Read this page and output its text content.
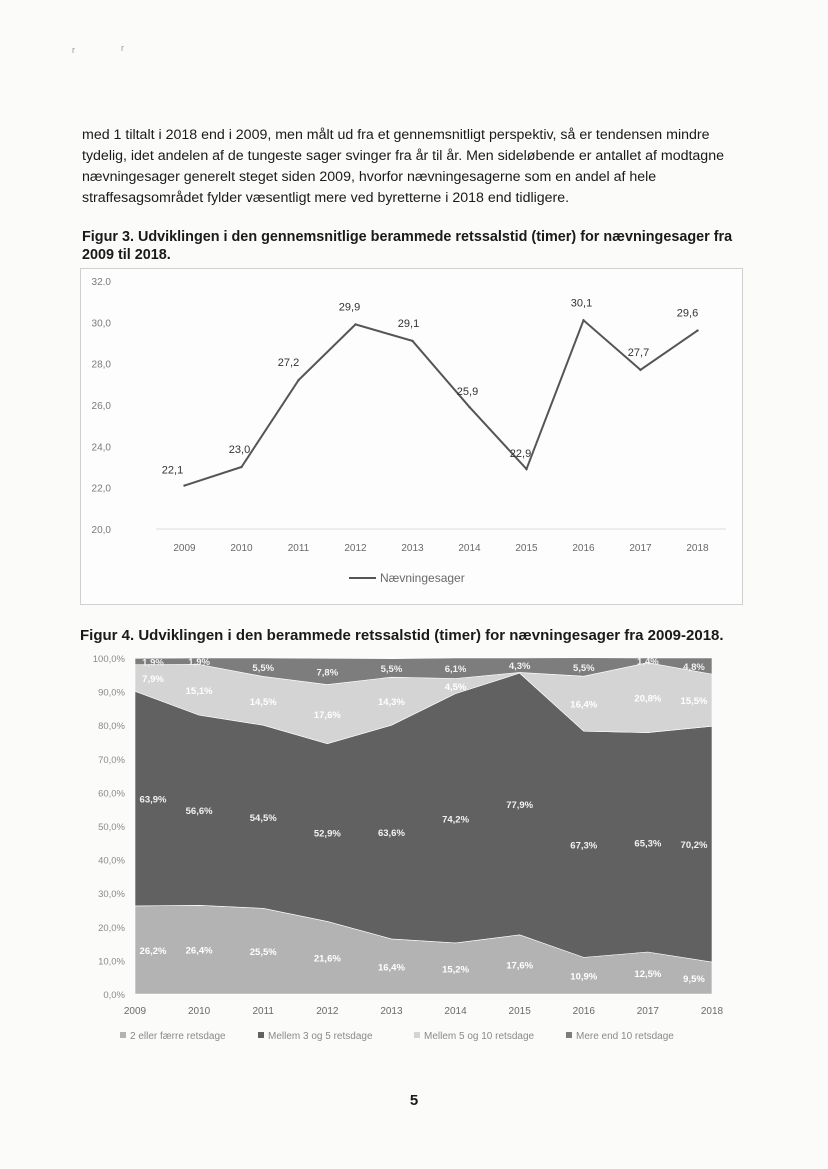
med 1 tiltalt i 2018 end i 2009, men målt ud fra et gennemsnitligt perspektiv, så er tendensen mindre tydelig, idet andelen af de tungeste sager svinger fra år til år. Men sideløbende er antallet af modtagne nævningesager generelt steget siden 2009, hvorfor nævningesagerne som en andel af hele straffesagsområdet fylder væsentligt mere ved byretterne i 2018 end tidligere.

Figur 3. Udviklingen i den gennemsnitlige berammede retssalstid (timer) for nævningesager fra 2009 til 2018.

20,0
22,0
24,0
26,0
28,0
30,0
32.0
2009	2010	2011	2012	2013	2014	2015	2016	2017	2018
22,1
23,0
27,2
29,9
29,1
25,9
22,9
30,1
27,7
29,6
Nævningesager

Figur 4. Udviklingen i den berammede retssalstid (timer) for nævningesager fra 2009-2018.

0,0%
10,0%
20,0%
30,0%
40,0%
50,0%
60,0%
70,0%
80,0%
90,0%
100,0%
26,2% 26,4%	25,5%
21,6%
16,4%	15,2%	17,6%
10,9%	12,5% 9,5%
63,9%
56,6%
54,5%
52,9%	63,6%
74,2%
77,9%
67,3%	65,3% 70,2%
7,9%
15,1%
14,5%
17,6%
14,3%
4,5%
16,4%
20,8% 15,5%
1,9%	1,9%
5,5%	7,8%	5,5%	6,1%	4,3%	5,5%
1,4%
4,8%
2009	2010	2011	2012	2013	2014	2015	2016	2017	2018
2 eller færre retsdage	Mellem 3 og 5 retsdage	Mellem 5 og 10 retsdage	Mere end 10 retsdage
5
r	r
